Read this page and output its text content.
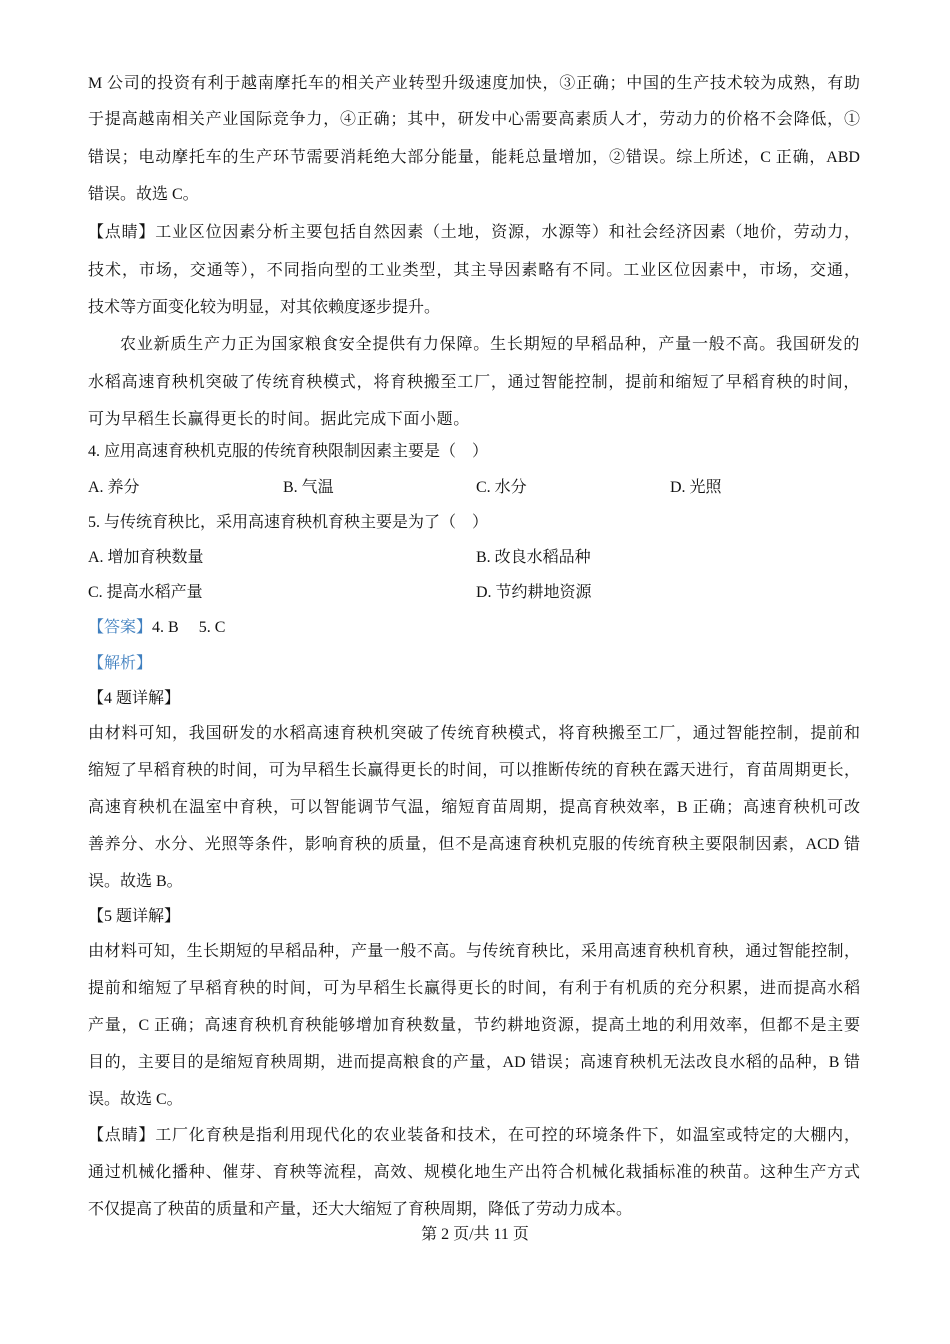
M 公司的投资有利于越南摩托车的相关产业转型升级速度加快，③正确；中国的生产技术较为成熟，有助
于提高越南相关产业国际竞争力，④正确；其中，研发中心需要高素质人才，劳动力的价格不会降低，①
错误；电动摩托车的生产环节需要消耗绝大部分能量，能耗总量增加，②错误。综上所述，C 正确，ABD
错误。故选 C。
【点睛】工业区位因素分析主要包括自然因素（土地，资源，水源等）和社会经济因素（地价，劳动力，
技术，市场，交通等），不同指向型的工业类型，其主导因素略有不同。工业区位因素中，市场，交通，
技术等方面变化较为明显，对其依赖度逐步提升。
农业新质生产力正为国家粮食安全提供有力保障。生长期短的早稻品种，产量一般不高。我国研发的
水稻高速育秧机突破了传统育秧模式，将育秧搬至工厂，通过智能控制，提前和缩短了早稻育秧的时间，
可为早稻生长赢得更长的时间。据此完成下面小题。
4. 应用高速育秧机克服的传统育秧限制因素主要是（　）
A. 养分	B. 气温	C. 水分	D. 光照
5. 与传统育秧比，采用高速育秧机育秧主要是为了（　）
A. 增加育秧数量	B. 改良水稻品种
C. 提高水稻产量	D. 节约耕地资源
【答案】4. B　 5. C
【解析】
【4 题详解】
由材料可知，我国研发的水稻高速育秧机突破了传统育秧模式，将育秧搬至工厂，通过智能控制，提前和
缩短了早稻育秧的时间，可为早稻生长赢得更长的时间，可以推断传统的育秧在露天进行，育苗周期更长，
高速育秧机在温室中育秧，可以智能调节气温，缩短育苗周期，提高育秧效率，B 正确；高速育秧机可改
善养分、水分、光照等条件，影响育秧的质量，但不是高速育秧机克服的传统育秧主要限制因素，ACD 错
误。故选 B。
【5 题详解】
由材料可知，生长期短的早稻品种，产量一般不高。与传统育秧比，采用高速育秧机育秧，通过智能控制，
提前和缩短了早稻育秧的时间，可为早稻生长赢得更长的时间，有利于有机质的充分积累，进而提高水稻
产量，C 正确；高速育秧机育秧能够增加育秧数量，节约耕地资源，提高土地的利用效率，但都不是主要
目的，主要目的是缩短育秧周期，进而提高粮食的产量，AD 错误；高速育秧机无法改良水稻的品种，B 错
误。故选 C。
【点睛】工厂化育秧是指利用现代化的农业装备和技术，在可控的环境条件下，如温室或特定的大棚内，
通过机械化播种、催芽、育秧等流程，高效、规模化地生产出符合机械化栽插标准的秧苗。这种生产方式
不仅提高了秧苗的质量和产量，还大大缩短了育秧周期，降低了劳动力成本。
第 2 页/共 11 页
